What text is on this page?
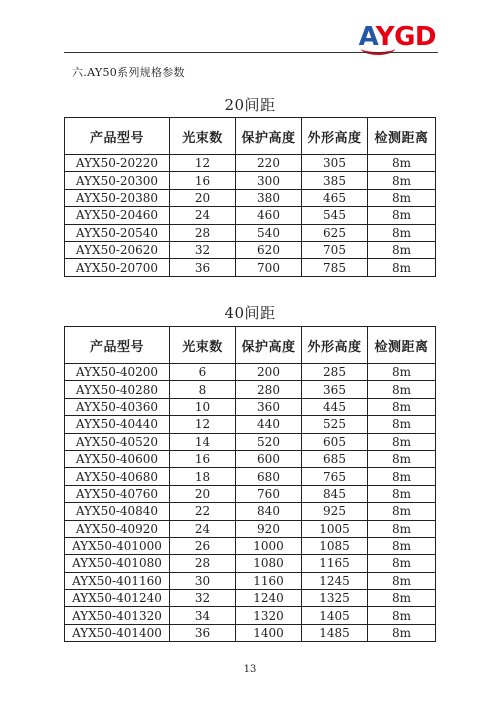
AYGD
六.AY50系列规格参数
20间距
产品型号	光束数	保护高度	外形高度	检测距离
AYX50-20220	12	220	305	8m
AYX50-20300	16	300	385	8m
AYX50-20380	20	380	465	8m
AYX50-20460	24	460	545	8m
AYX50-20540	28	540	625	8m
AYX50-20620	32	620	705	8m
AYX50-20700	36	700	785	8m
40间距
产品型号	光束数	保护高度	外形高度	检测距离
AYX50-40200	6	200	285	8m
AYX50-40280	8	280	365	8m
AYX50-40360	10	360	445	8m
AYX50-40440	12	440	525	8m
AYX50-40520	14	520	605	8m
AYX50-40600	16	600	685	8m
AYX50-40680	18	680	765	8m
AYX50-40760	20	760	845	8m
AYX50-40840	22	840	925	8m
AYX50-40920	24	920	1005	8m
AYX50-401000	26	1000	1085	8m
AYX50-401080	28	1080	1165	8m
AYX50-401160	30	1160	1245	8m
AYX50-401240	32	1240	1325	8m
AYX50-401320	34	1320	1405	8m
AYX50-401400	36	1400	1485	8m
13
